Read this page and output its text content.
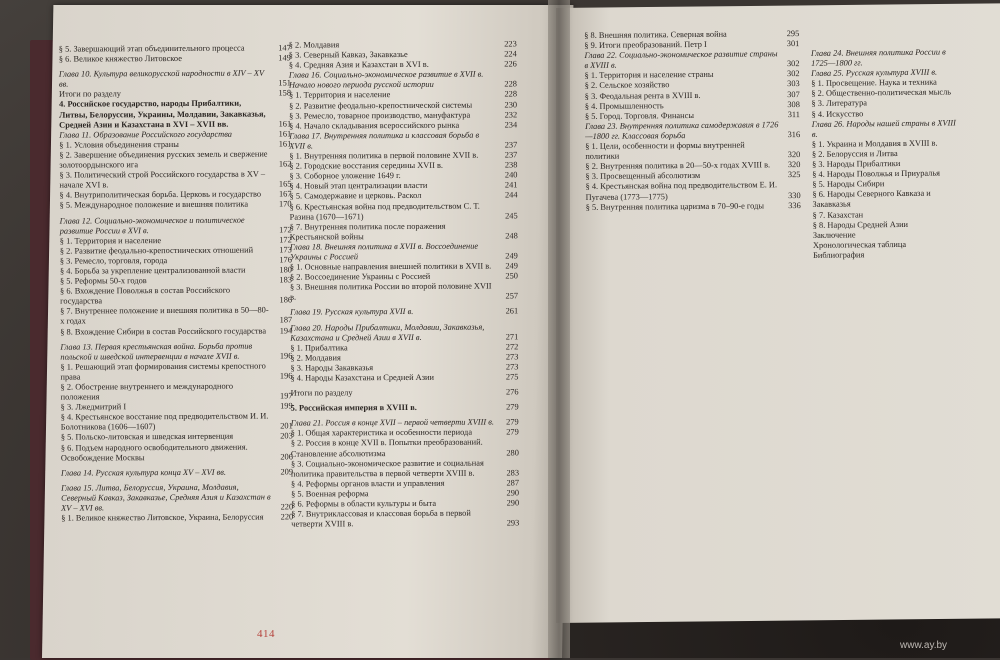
§ 5. Завершающий этап объединительного процесса	147
§ 6. Великое княжество Литовское	149
Глава 10. Культура великорусской народности в XIV – XV вв.	151
Итоги по разделу	158
4. Российское государство, народы Прибалтики, Литвы, Белоруссии, Украины, Молдавии, Закавказья, Средней Азии и Казахстана в XVI – XVII вв.	161
Глава 11. Образование Российского государства	161
§ 1. Условия объединения страны	161
§ 2. Завершение объединения русских земель и свержение золотоордынского ига	162
§ 3. Политический строй Российского государства в XV – начале XVI в.	165
§ 4. Внутриполитическая борьба. Церковь и государство	167
§ 5. Международное положение и внешняя политика	170
Глава 12. Социально-экономическое и политическое развитие России в XVI в.	172
§ 1. Территория и население	172
§ 2. Развитие феодально-крепостнических отношений	173
§ 3. Ремесло, торговля, города	176
§ 4. Борьба за укрепление централизованной власти	180
§ 5. Реформы 50-х годов	183
§ 6. Вхождение Поволжья в состав Российского государства	186
§ 7. Внутреннее положение и внешняя политика в 50—80-х годах	187
§ 8. Вхождение Сибири в состав Российского государства	194
Глава 13. Первая крестьянская война. Борьба против польской и шведской интервенции в начале XVII в.	196
§ 1. Решающий этап формирования системы крепостного права	196
§ 2. Обострение внутреннего и международного положения	197
§ 3. Лжедмитрий I	199
§ 4. Крестьянское восстание под предводительством И. И. Болотникова (1606—1607)	201
§ 5. Польско-литовская и шведская интервенция	203
§ 6. Подъем народного освободительного движения. Освобождение Москвы	206
Глава 14. Русская культура конца XV – XVI вв.	209
Глава 15. Литва, Белоруссия, Украина, Молдавия, Северный Кавказ, Закавказье, Средняя Азия и Казахстан в XV – XVI вв.	220
§ 1. Великое княжество Литовское, Украина, Белоруссия	220
§ 2. Молдавия	223
§ 3. Северный Кавказ, Закавказье	224
§ 4. Средняя Азия и Казахстан в XVI в.	226
Глава 16. Социально-экономическое развитие в XVII в. Начало нового периода русской истории	228
§ 1. Территория и население	228
§ 2. Развитие феодально-крепостнической системы	230
§ 3. Ремесло, товарное производство, мануфактура	232
§ 4. Начало складывания всероссийского рынка	234
Глава 17. Внутренняя политика и классовая борьба в XVII в.	237
§ 1. Внутренняя политика в первой половине XVII в.	237
§ 2. Городские восстания середины XVII в.	238
§ 3. Соборное уложение 1649 г.	240
§ 4. Новый этап централизации власти	241
§ 5. Самодержавие и церковь. Раскол	244
§ 6. Крестьянская война под предводительством С. Т. Разина (1670—1671)	245
§ 7. Внутренняя политика после поражения Крестьянской войны	248
Глава 18. Внешняя политика в XVII в. Воссоединение Украины с Россией	249
§ 1. Основные направления внешней политики в XVII в.	249
§ 2. Воссоединение Украины с Россией	250
§ 3. Внешняя политика России во второй половине XVII в.	257
Глава 19. Русская культура XVII в.	261
Глава 20. Народы Прибалтики, Молдавии, Закавказья, Казахстана и Средней Азии в XVII в.	271
§ 1. Прибалтика	272
§ 2. Молдавия	273
§ 3. Народы Закавказья	273
§ 4. Народы Казахстана и Средней Азии	275
Итоги по разделу	276
5. Российская империя в XVIII в.	279
Глава 21. Россия в конце XVII – первой четверти XVIII в.	279
§ 1. Общая характеристика и особенности периода	279
§ 2. Россия в конце XVII в. Попытки преобразований. Становление абсолютизма	280
§ 3. Социально-экономическое развитие и социальная политика правительства в первой четверти XVIII в.	283
§ 4. Реформы органов власти и управления	287
§ 5. Военная реформа	290
§ 6. Реформы в области культуры и быта	290
§ 7. Внутриклассовая и классовая борьба в первой четверти XVIII в.	293
§ 8. Внешняя политика. Северная война	295
§ 9. Итоги преобразований. Петр I	301
Глава 22. Социально-экономическое развитие страны в XVIII в.	302
§ 1. Территория и население страны	302
§ 2. Сельское хозяйство	303
§ 3. Феодальная рента в XVIII в.	307
§ 4. Промышленность	308
§ 5. Город. Торговля. Финансы	311
Глава 23. Внутренняя политика самодержавия в 1726—1800 гг. Классовая борьба	316
§ 1. Цели, особенности и формы внутренней политики	320
§ 2. Внутренняя политика в 20—50-х годах XVIII в.	320
§ 3. Просвещенный абсолютизм	325
§ 4. Крестьянская война под предводительством Е. И. Пугачева (1773—1775)	330
§ 5. Внутренняя политика царизма в 70–90-е годы	336
Глава 24. Внешняя политика России в 1725—1800 гг.
Глава 25. Русская культура XVIII в.
§ 1. Просвещение. Наука и техника
§ 2. Общественно-политическая мысль
§ 3. Литература
§ 4. Искусство
Глава 26. Народы нашей страны в XVIII в.
§ 1. Украина и Молдавия в XVIII в.
§ 2. Белоруссия и Литва
§ 3. Народы Прибалтики
§ 4. Народы Поволжья и Приуралья
§ 5. Народы Сибири
§ 6. Народы Северного Кавказа и Закавказья
§ 7. Казахстан
§ 8. Народы Средней Азии
Заключение
Хронологическая таблица
Библиография
414
www.ay.by
